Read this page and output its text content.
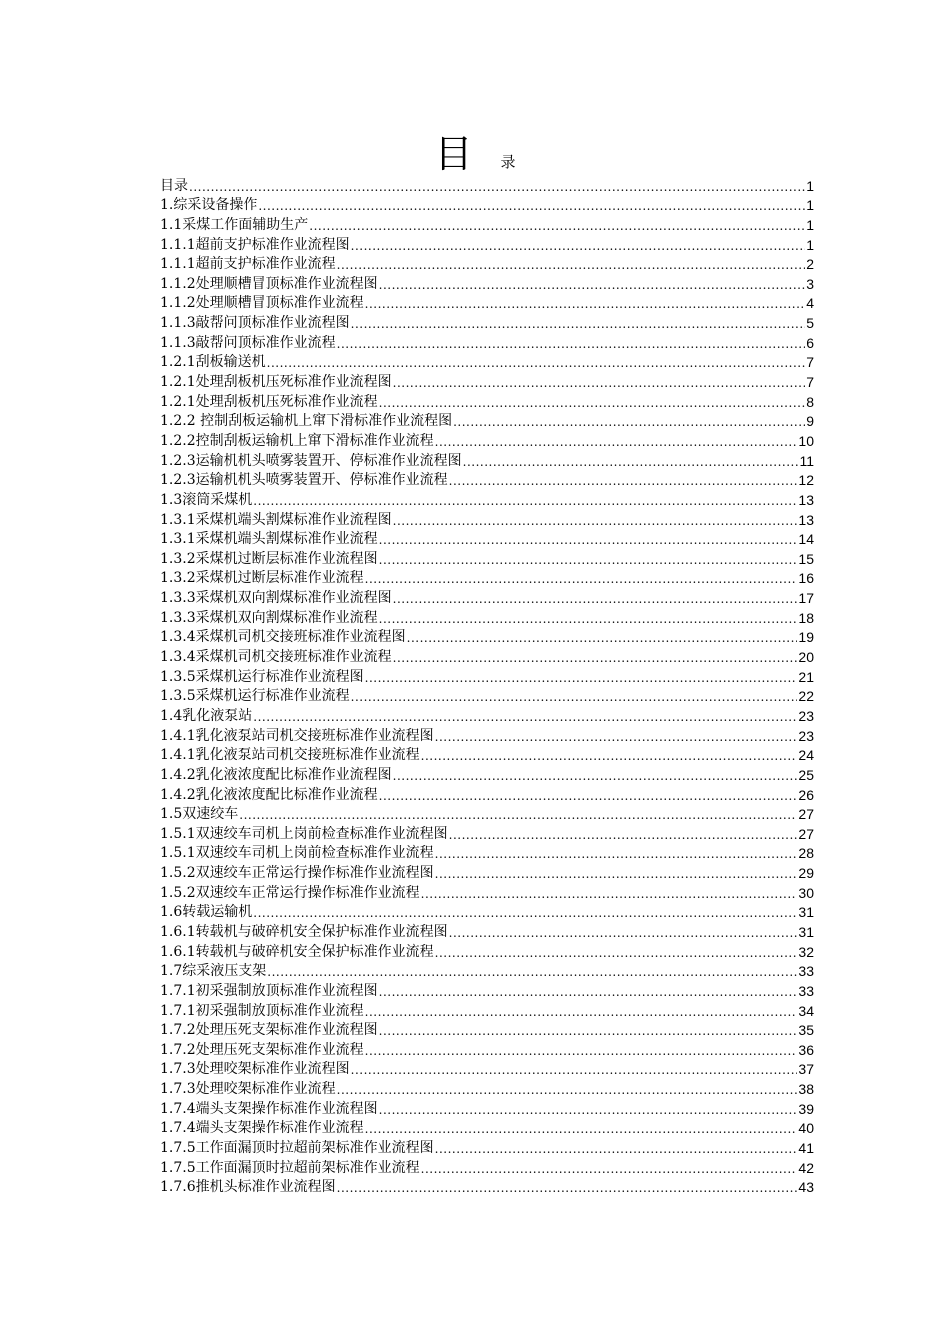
目 录
目录 .....	1
1.综采设备操作 .....	1
1.1采煤工作面辅助生产 .....	1
1.1.1超前支护标准作业流程图 .....	1
1.1.1超前支护标准作业流程 .....	2
1.1.2处理顺槽冒顶标准作业流程图 .....	3
1.1.2处理顺槽冒顶标准作业流程 .....	4
1.1.3敲帮问顶标准作业流程图 .....	5
1.1.3敲帮问顶标准作业流程 .....	6
1.2.1刮板输送机 .....	7
1.2.1处理刮板机压死标准作业流程图 .....	7
1.2.1处理刮板机压死标准作业流程 .....	8
1.2.2 控制刮板运输机上窜下滑标准作业流程图 .....	9
1.2.2控制刮板运输机上窜下滑标准作业流程 .....	10
1.2.3运输机机头喷雾装置开、停标准作业流程图 .....	11
1.2.3运输机机头喷雾装置开、停标准作业流程 .....	12
1.3滚筒采煤机 .....	13
1.3.1采煤机端头割煤标准作业流程图 .....	13
1.3.1采煤机端头割煤标准作业流程 .....	14
1.3.2采煤机过断层标准作业流程图 .....	15
1.3.2采煤机过断层标准作业流程 .....	16
1.3.3采煤机双向割煤标准作业流程图 .....	17
1.3.3采煤机双向割煤标准作业流程 .....	18
1.3.4采煤机司机交接班标准作业流程图 .....	19
1.3.4采煤机司机交接班标准作业流程 .....	20
1.3.5采煤机运行标准作业流程图 .....	21
1.3.5采煤机运行标准作业流程 .....	22
1.4乳化液泵站 .....	23
1.4.1乳化液泵站司机交接班标准作业流程图 .....	23
1.4.1乳化液泵站司机交接班标准作业流程 .....	24
1.4.2乳化液浓度配比标准作业流程图 .....	25
1.4.2乳化液浓度配比标准作业流程 .....	26
1.5双速绞车 .....	27
1.5.1双速绞车司机上岗前检查标准作业流程图 .....	27
1.5.1双速绞车司机上岗前检查标准作业流程 .....	28
1.5.2双速绞车正常运行操作标准作业流程图 .....	29
1.5.2双速绞车正常运行操作标准作业流程 .....	30
1.6转载运输机 .....	31
1.6.1转载机与破碎机安全保护标准作业流程图 .....	31
1.6.1转载机与破碎机安全保护标准作业流程 .....	32
1.7综采液压支架 .....	33
1.7.1初采强制放顶标准作业流程图 .....	33
1.7.1初采强制放顶标准作业流程 .....	34
1.7.2处理压死支架标准作业流程图 .....	35
1.7.2处理压死支架标准作业流程 .....	36
1.7.3处理咬架标准作业流程图 .....	37
1.7.3处理咬架标准作业流程 .....	38
1.7.4端头支架操作标准作业流程图 .....	39
1.7.4端头支架操作标准作业流程 .....	40
1.7.5工作面漏顶时拉超前架标准作业流程图 .....	41
1.7.5工作面漏顶时拉超前架标准作业流程 .....	42
1.7.6推机头标准作业流程图 .....	43
